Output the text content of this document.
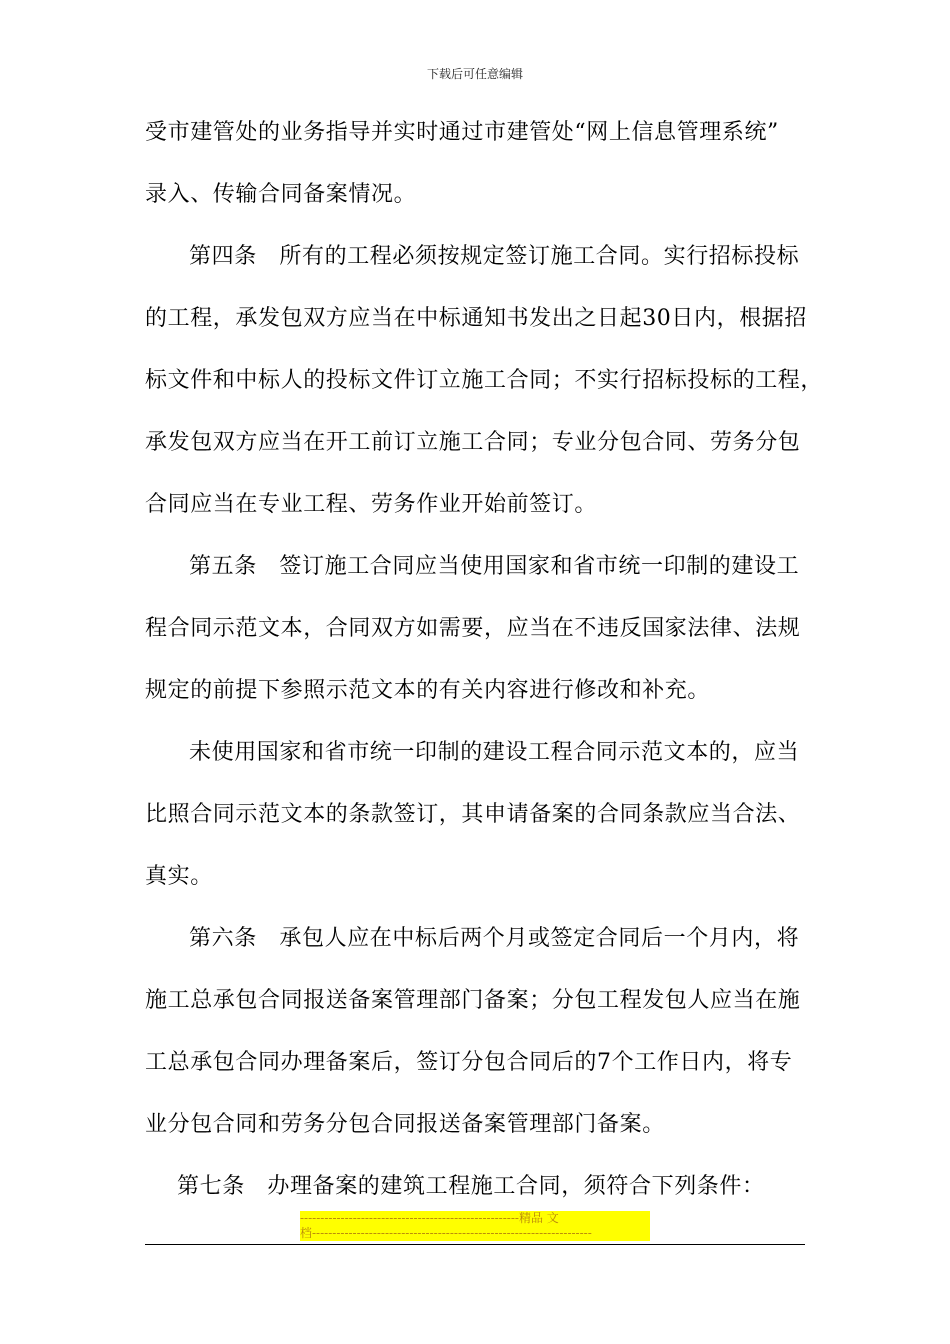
下载后可任意编辑
受市建管处的业务指导并实时通过市建管处“网上信息管理系统”
录入、传输合同备案情况。
第四条　所有的工程必须按规定签订施工合同。实行招标投标
的工程，承发包双方应当在中标通知书发出之日起30日内，根据招
标文件和中标人的投标文件订立施工合同；不实行招标投标的工程，
承发包双方应当在开工前订立施工合同；专业分包合同、劳务分包
合同应当在专业工程、劳务作业开始前签订。
第五条　签订施工合同应当使用国家和省市统一印制的建设工
程合同示范文本，合同双方如需要，应当在不违反国家法律、法规
规定的前提下参照示范文本的有关内容进行修改和补充。
未使用国家和省市统一印制的建设工程合同示范文本的，应当
比照合同示范文本的条款签订，其申请备案的合同条款应当合法、
真实。
第六条　承包人应在中标后两个月或签定合同后一个月内，将
施工总承包合同报送备案管理部门备案；分包工程发包人应当在施
工总承包合同办理备案后，签订分包合同后的7个工作日内，将专
业分包合同和劳务分包合同报送备案管理部门备案。
第七条　办理备案的建筑工程施工合同，须符合下列条件：
------------------------------------------------------精品 文
档---------------------------------------------------------------------
